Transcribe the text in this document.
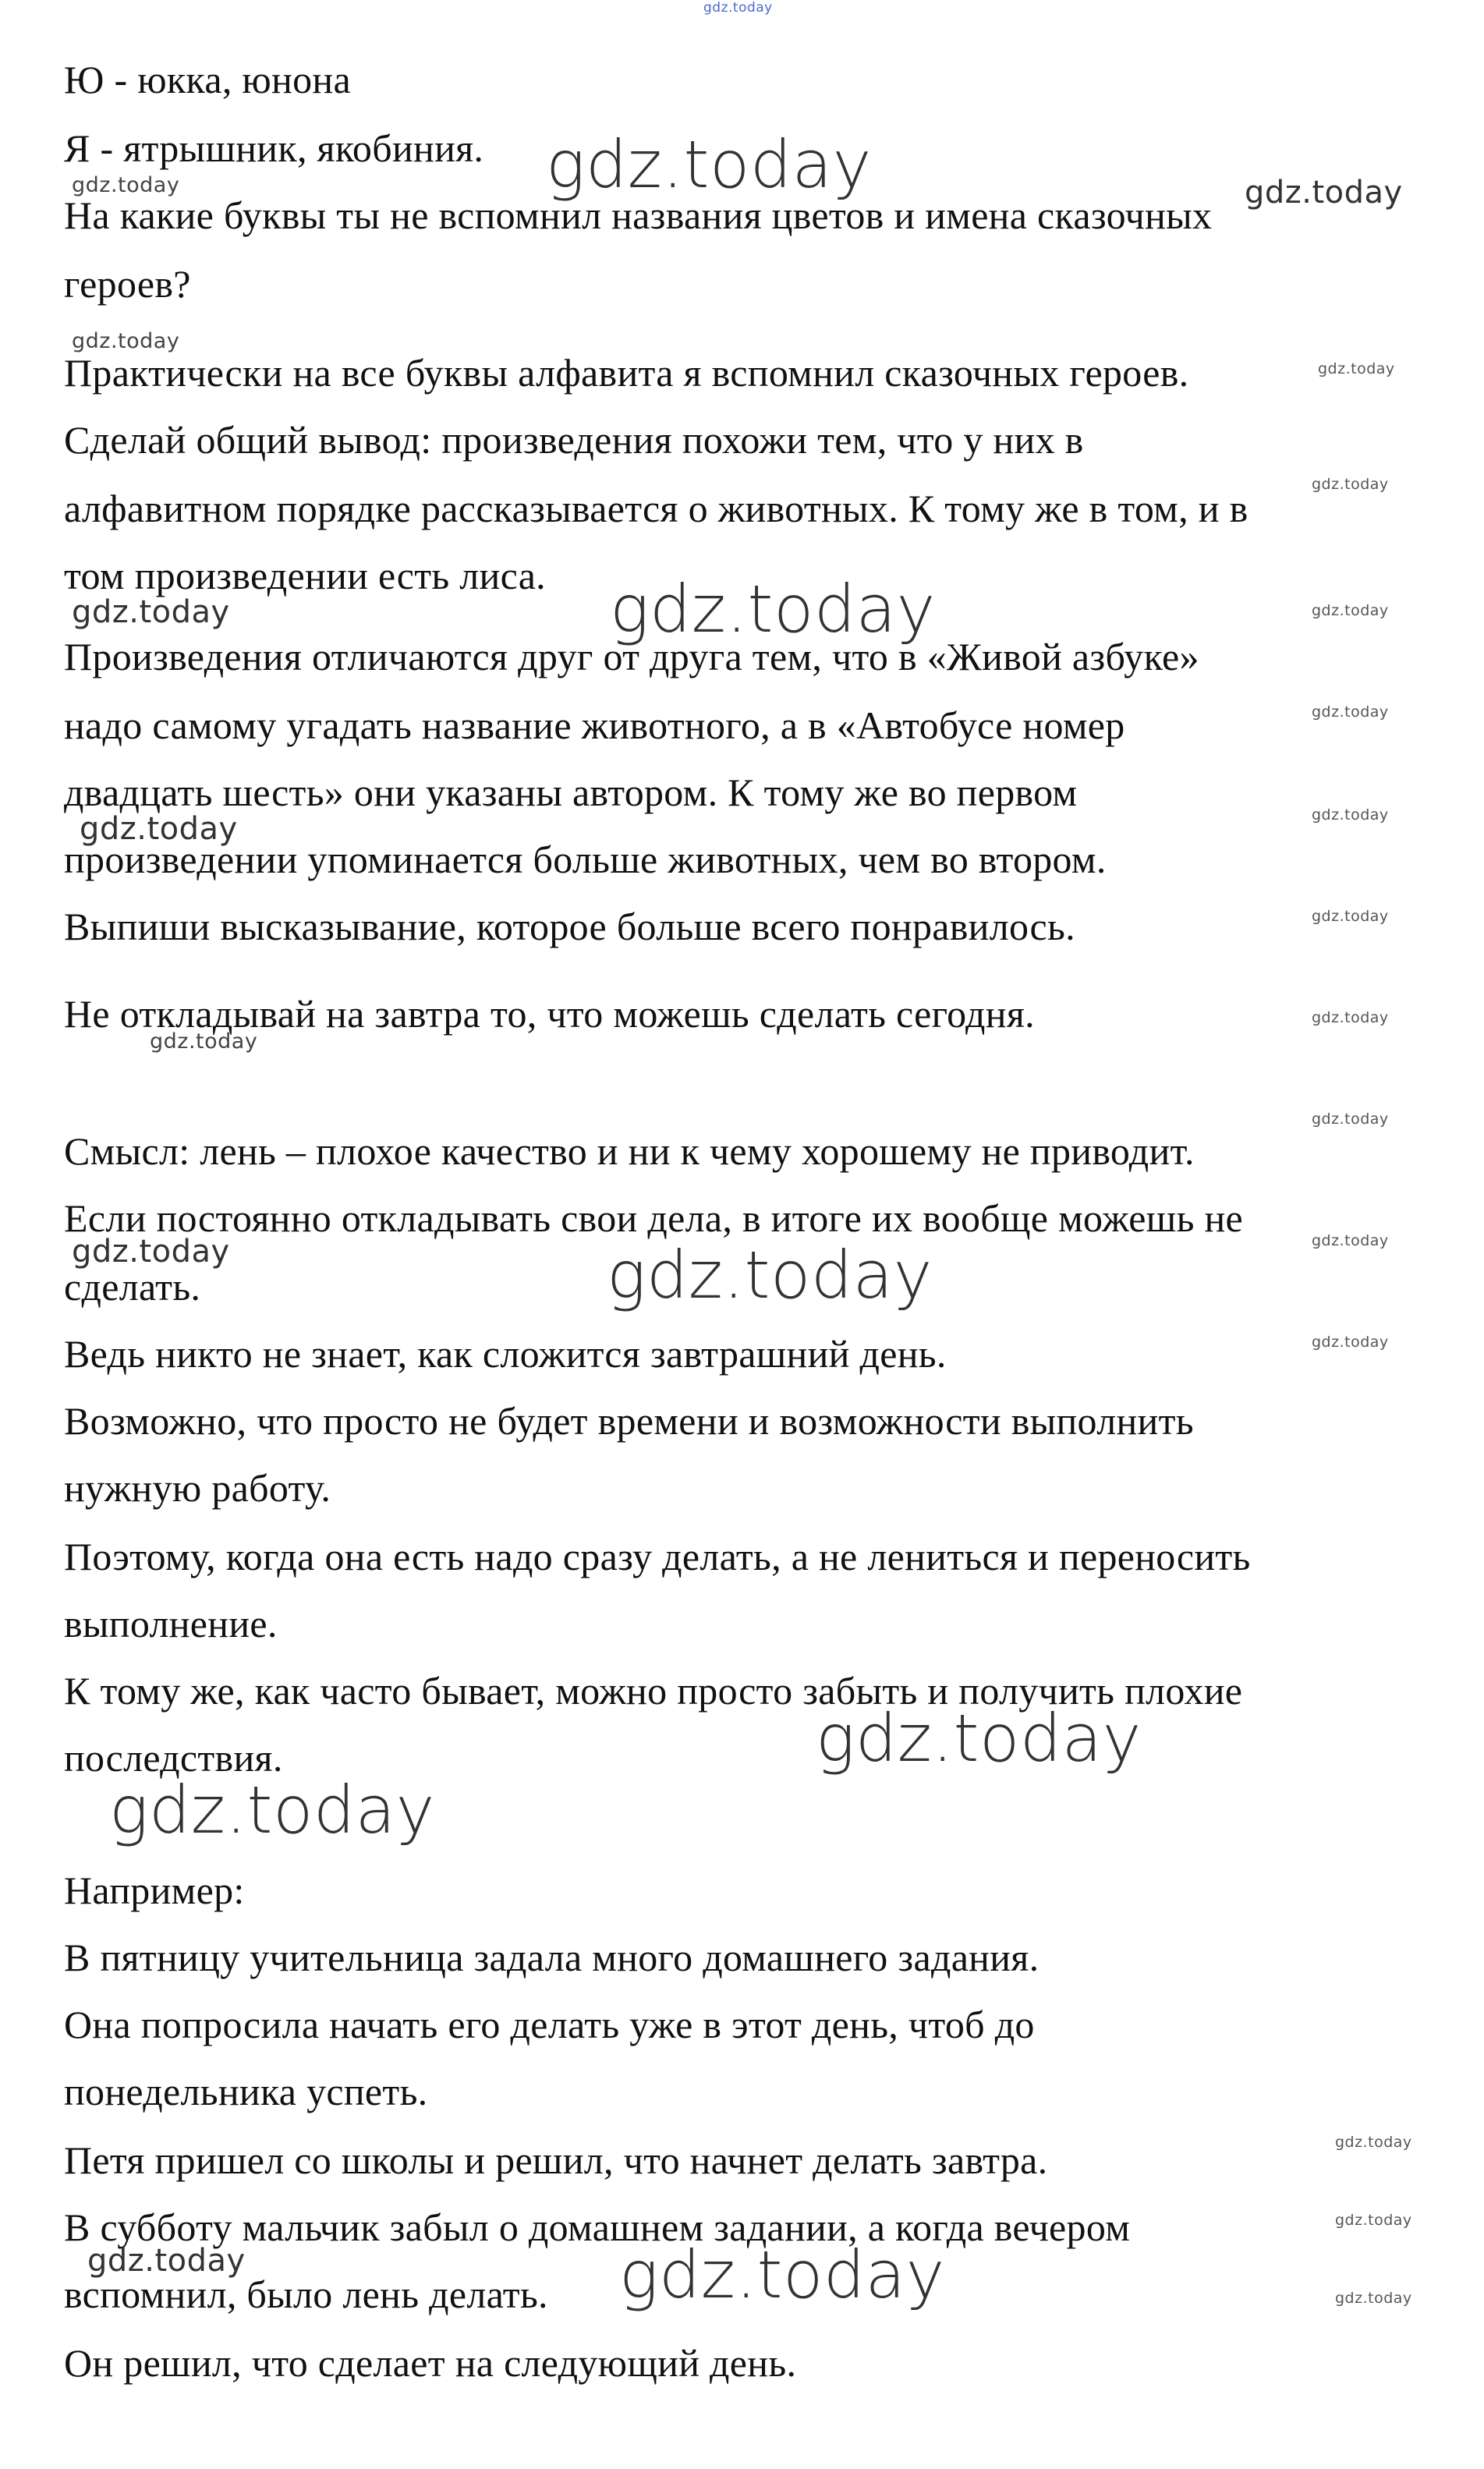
Ю - юкка, юнона
Я - ятрышник, якобиния.
На какие буквы ты не вспомнил названия цветов и имена сказочных
героев?
Практически на все буквы алфавита я вспомнил сказочных героев.
Сделай общий вывод: произведения похожи тем, что у них в
алфавитном порядке рассказывается о животных. К тому же в том, и в
том произведении есть лиса.
Произведения отличаются друг от друга тем, что в «Живой азбуке»
надо самому угадать название животного, а в «Автобусе номер
двадцать шесть» они указаны автором. К тому же во первом
произведении упоминается больше животных, чем во втором.
Выпиши высказывание, которое больше всего понравилось.
Не откладывай на завтра то, что можешь сделать сегодня.
Смысл: лень – плохое качество и ни к чему хорошему не приводит.
Если постоянно откладывать свои дела, в итоге их вообще можешь не
сделать.
Ведь никто не знает, как сложится завтрашний день.
Возможно, что просто не будет времени и возможности выполнить
нужную работу.
Поэтому, когда она есть надо сразу делать, а не лениться и переносить
выполнение.
К тому же, как часто бывает, можно просто забыть и получить плохие
последствия.
Например:
В пятницу учительница задала много домашнего задания.
Она попросила начать его делать уже в этот день, чтоб до
понедельника успеть.
Петя пришел со школы и решил, что начнет делать завтра.
В субботу мальчик забыл о домашнем задании, а когда вечером
вспомнил, было лень делать.
Он решил, что сделает на следующий день.
gdz.today
gdz.today	gdz.today
gdz.today
gdz.today
gdz.today
gdz.today
gdz.today
gdz.today	gdz.today
gdz.today
gdz.today	gdz.today
gdz.today
gdz.today
gdz.today
gdz.today
gdz.today
gdz.today	gdz.today
gdz.today
gdz.today
gdz.today
gdz.today
gdz.today
gdz.today	gdz.today	gdz.today
